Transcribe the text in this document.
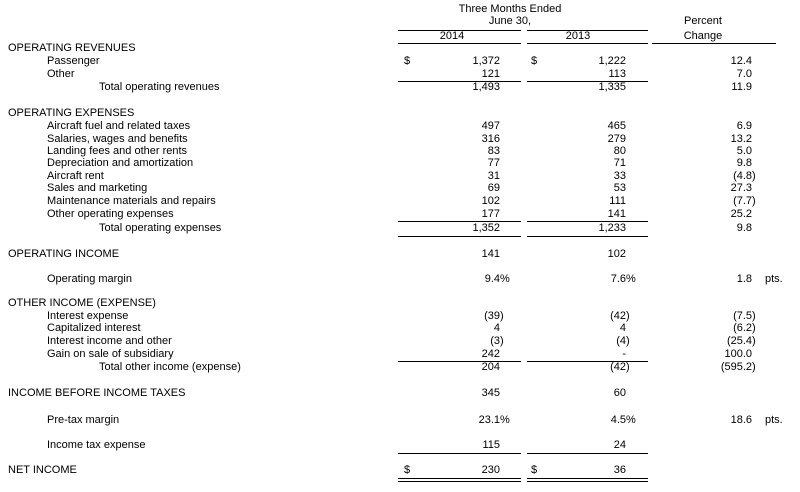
Three Months Ended
June 30,	Percent
2014	2013	Change
OPERATING REVENUES
Passenger	$	1,372	$	1,222	12.4
Other	121	113	7.0
Total operating revenues	1,493	1,335	11.9
OPERATING EXPENSES
Aircraft fuel and related taxes	497	465	6.9
Salaries, wages and benefits	316	279	13.2
Landing fees and other rents	83	80	5.0
Depreciation and amortization	77	71	9.8
Aircraft rent	31	33	(4.8)
Sales and marketing	69	53	27.3
Maintenance materials and repairs	102	111	(7.7)
Other operating expenses	177	141	25.2
Total operating expenses	1,352	1,233	9.8
OPERATING INCOME	141	102
Operating margin	9.4%	7.6%	1.8 pts.
OTHER INCOME (EXPENSE)
Interest expense	(39)	(42)	(7.5)
Capitalized interest	4	4	(6.2)
Interest income and other	(3)	(4)	(25.4)
Gain on sale of subsidiary	242	-	100.0
Total other income (expense)	204	(42)	(595.2)
INCOME BEFORE INCOME TAXES	345	60
Pre-tax margin	23.1%	4.5%	18.6 pts.
Income tax expense	115	24
NET INCOME	$	230	$	36
